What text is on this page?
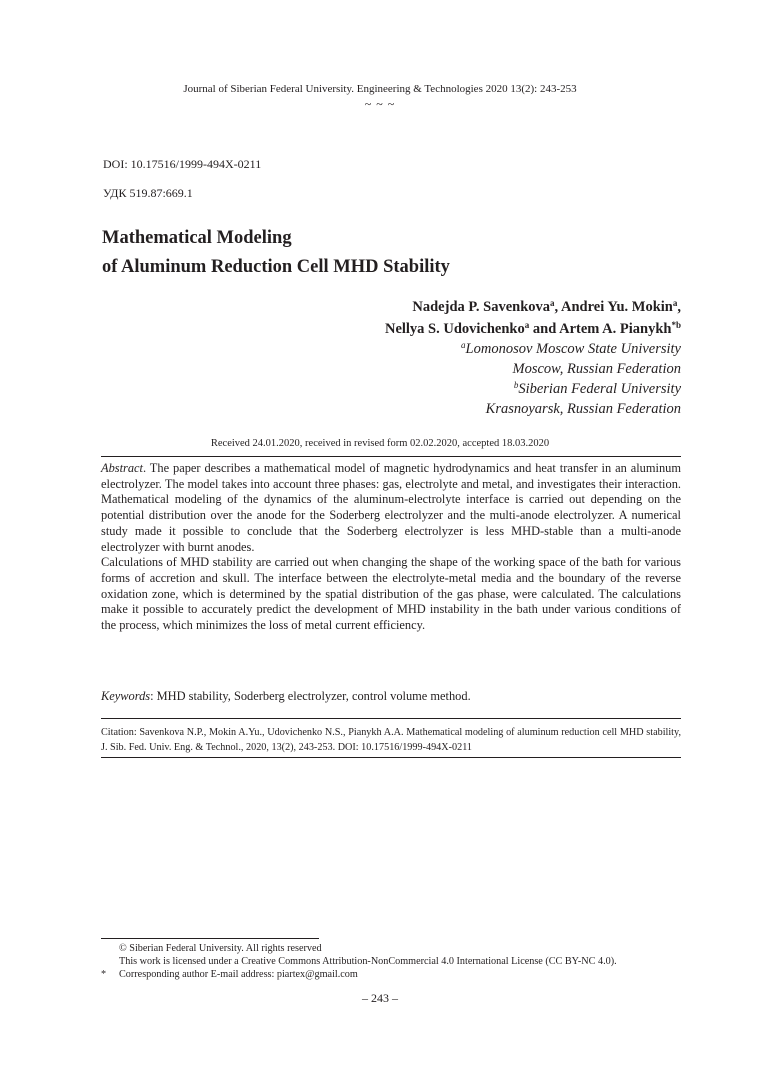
Journal of Siberian Federal University. Engineering & Technologies 2020 13(2): 243-253
~ ~ ~
DOI: 10.17516/1999-494X-0211
УДК 519.87:669.1
Mathematical Modeling
of Aluminum Reduction Cell MHD Stability
Nadejda P. Savenkova$^a$, Andrei Yu. Mokin$^a$,
Nellya S. Udovichenko$^a$ and Artem A. Pianykh$^{*b}$
$^a$Lomonosov Moscow State University
Moscow, Russian Federation
$^b$Siberian Federal University
Krasnoyarsk, Russian Federation
Received 24.01.2020, received in revised form 02.02.2020, accepted 18.03.2020

Abstract. The paper describes a mathematical model of magnetic hydrodynamics and heat transfer in an aluminum electrolyzer. The model takes into account three phases: gas, electrolyte and metal, and investigates their interaction. Mathematical modeling of the dynamics of the aluminum-electrolyte interface is carried out depending on the potential distribution over the anode for the Soderberg electrolyzer and the multi-anode electrolyzer. A numerical study made it possible to conclude that the Soderberg electrolyzer is less MHD-stable than a multi-anode electrolyzer with burnt anodes.

Calculations of MHD stability are carried out when changing the shape of the working space of the bath for various forms of accretion and skull. The interface between the electrolyte-metal media and the boundary of the reverse oxidation zone, which is determined by the spatial distribution of the gas phase, were calculated. The calculations make it possible to accurately predict the development of MHD instability in the bath under various conditions of the process, which minimizes the loss of metal current efficiency.

Keywords: MHD stability, Soderberg electrolyzer, control volume method.
Citation: Savenkova N.P., Mokin A.Yu., Udovichenko N.S., Pianykh A.A. Mathematical modeling of aluminum reduction cell MHD stability, J. Sib. Fed. Univ. Eng. & Technol., 2020, 13(2), 243-253. DOI: 10.17516/1999-494X-0211
© Siberian Federal University. All rights reserved
This work is licensed under a Creative Commons Attribution-NonCommercial 4.0 International License (CC BY-NC 4.0).
* Corresponding author E-mail address: piartex@gmail.com
– 243 –
